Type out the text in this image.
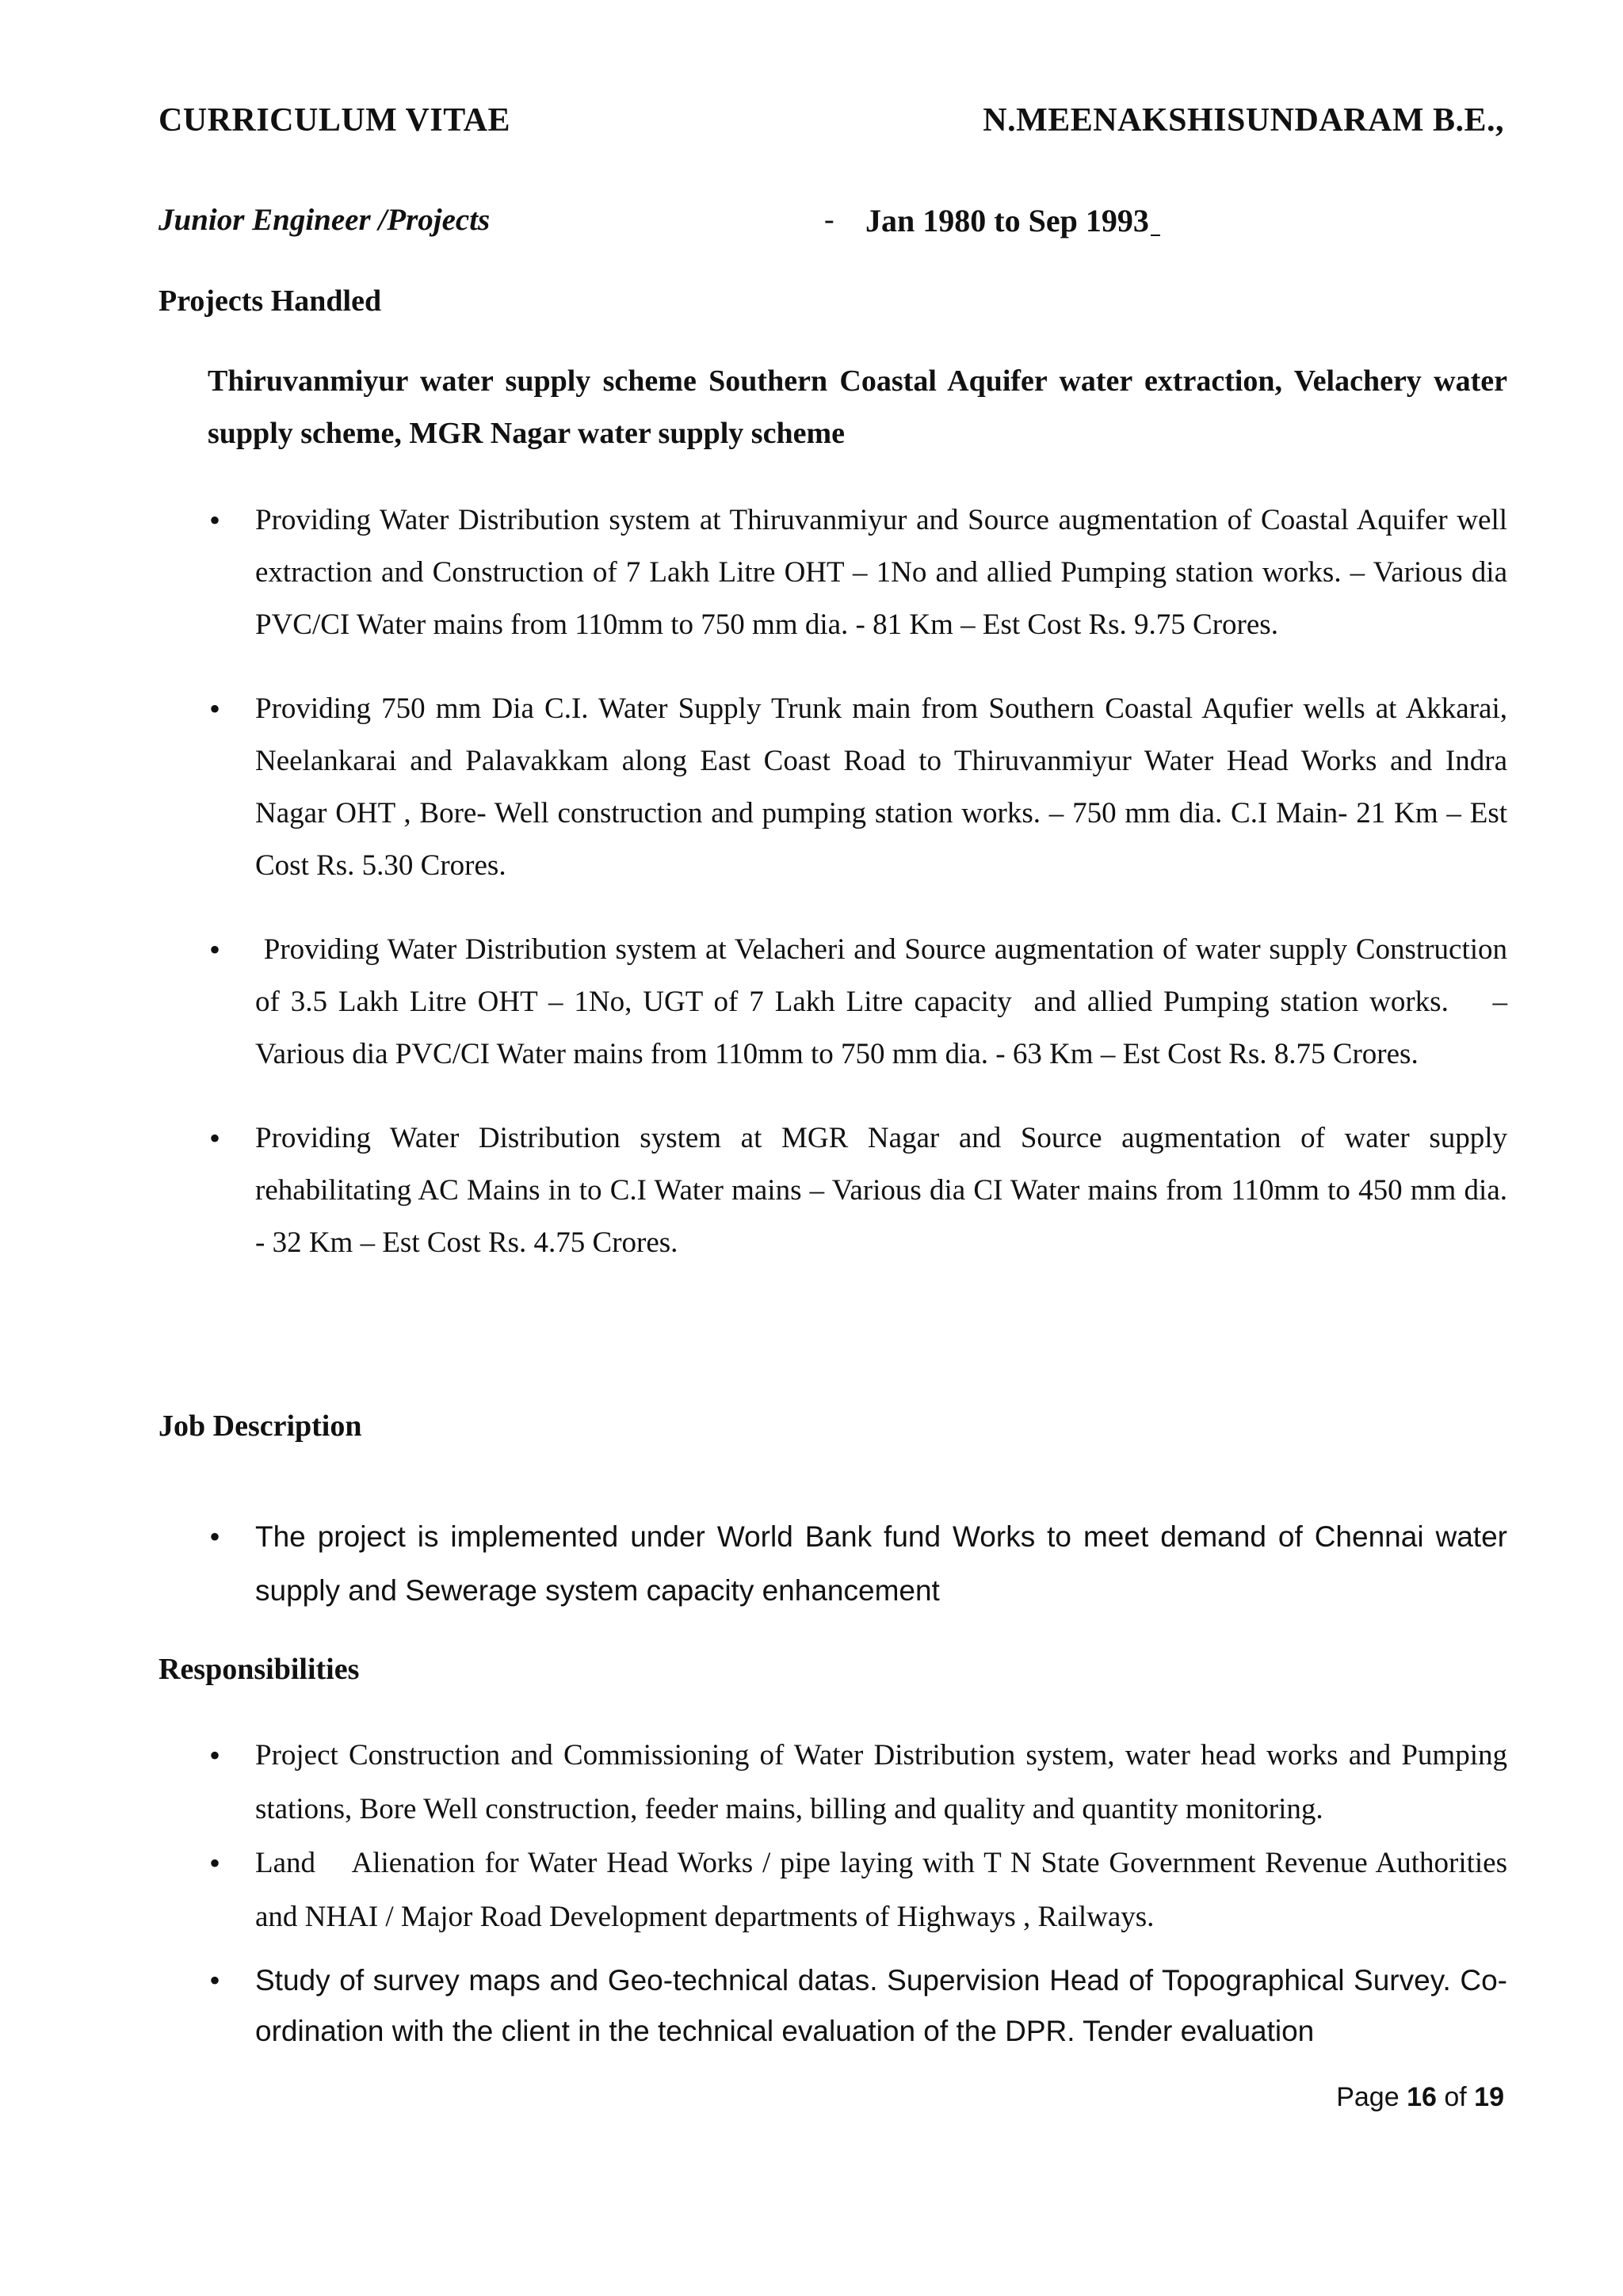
CURRICULUM VITAE	N.MEENAKSHISUNDARAM B.E.,
Junior Engineer /Projects	- Jan 1980 to Sep 1993
Projects Handled
Thiruvanmiyur water supply scheme Southern Coastal Aquifer water extraction, Velachery water supply scheme, MGR Nagar water supply scheme
• Providing Water Distribution system at Thiruvanmiyur and Source augmentation of Coastal Aquifer well extraction and Construction of 7 Lakh Litre OHT – 1No and allied Pumping station works. – Various dia PVC/CI Water mains from 110mm to 750 mm dia. - 81 Km – Est Cost Rs. 9.75 Crores.
• Providing 750 mm Dia C.I. Water Supply Trunk main from Southern Coastal Aqufier wells at Akkarai, Neelankarai and Palavakkam along East Coast Road to Thiruvanmiyur Water Head Works and Indra Nagar OHT , Bore- Well construction and pumping station works. – 750 mm dia. C.I Main- 21 Km – Est Cost Rs. 5.30 Crores.
• Providing Water Distribution system at Velacheri and Source augmentation of water supply Construction of 3.5 Lakh Litre OHT – 1No, UGT of 7 Lakh Litre capacity  and allied Pumping station works.    – Various dia PVC/CI Water mains from 110mm to 750 mm dia. - 63 Km – Est Cost Rs. 8.75 Crores.
• Providing Water Distribution system at MGR Nagar and Source augmentation of water supply rehabilitating AC Mains in to C.I Water mains – Various dia CI Water mains from 110mm to 450 mm dia. - 32 Km – Est Cost Rs. 4.75 Crores.
Job Description
• The project is implemented under World Bank fund Works to meet demand of Chennai water supply and Sewerage system capacity enhancement
Responsibilities
• Project Construction and Commissioning of Water Distribution system, water head works and Pumping stations, Bore Well construction, feeder mains, billing and quality and quantity monitoring.
• Land    Alienation for Water Head Works / pipe laying with T N State Government Revenue Authorities and NHAI / Major Road Development departments of Highways , Railways.
• Study of survey maps and Geo-technical datas. Supervision Head of Topographical Survey. Co-ordination with the client in the technical evaluation of the DPR. Tender evaluation
Page 16 of 19
